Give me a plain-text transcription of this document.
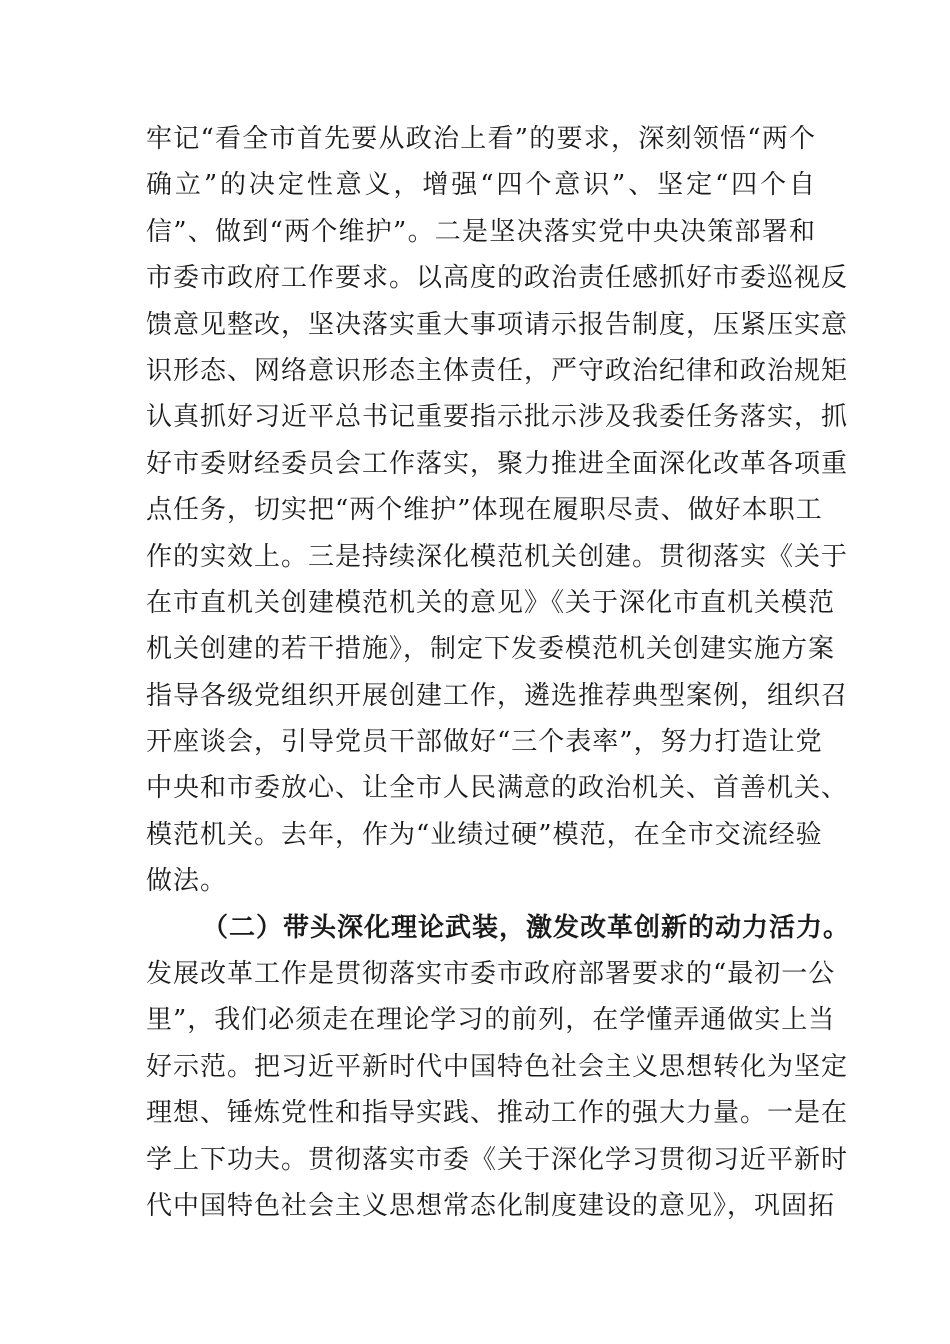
牢记“看全市首先要从政治上看”的要求，深刻领悟“两个
确立”的决定性意义，增强“四个意识”、坚定“四个自
信”、做到“两个维护”。二是坚决落实党中央决策部署和
市委市政府工作要求。以高度的政治责任感抓好市委巡视反
馈意见整改，坚决落实重大事项请示报告制度，压紧压实意
识形态、网络意识形态主体责任，严守政治纪律和政治规矩
认真抓好习近平总书记重要指示批示涉及我委任务落实，抓
好市委财经委员会工作落实，聚力推进全面深化改革各项重
点任务，切实把“两个维护”体现在履职尽责、做好本职工
作的实效上。三是持续深化模范机关创建。贯彻落实《关于
在市直机关创建模范机关的意见》《关于深化市直机关模范
机关创建的若干措施》，制定下发委模范机关创建实施方案
指导各级党组织开展创建工作，遴选推荐典型案例，组织召
开座谈会，引导党员干部做好“三个表率”，努力打造让党
中央和市委放心、让全市人民满意的政治机关、首善机关、
模范机关。去年，作为“业绩过硬”模范，在全市交流经验
做法。
（二）带头深化理论武装，激发改革创新的动力活力。
发展改革工作是贯彻落实市委市政府部署要求的“最初一公
里”，我们必须走在理论学习的前列，在学懂弄通做实上当
好示范。把习近平新时代中国特色社会主义思想转化为坚定
理想、锤炼党性和指导实践、推动工作的强大力量。一是在
学上下功夫。贯彻落实市委《关于深化学习贯彻习近平新时
代中国特色社会主义思想常态化制度建设的意见》，巩固拓
